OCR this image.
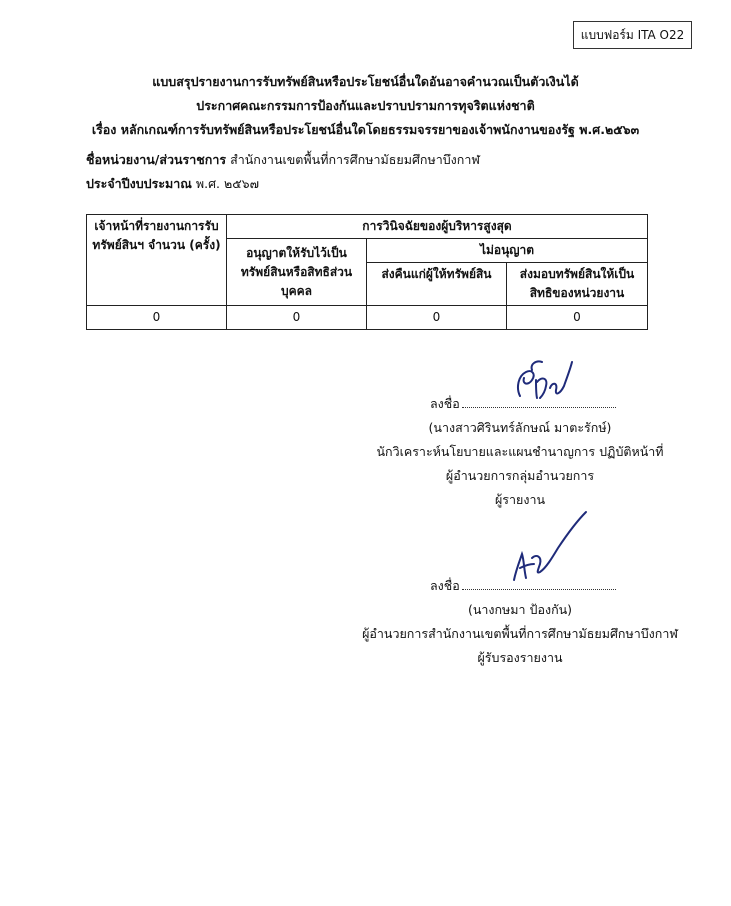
แบบฟอร์ม ITA O22
แบบสรุปรายงานการรับทรัพย์สินหรือประโยชน์อื่นใดอันอาจคำนวณเป็นตัวเงินได้
ประกาศคณะกรรมการป้องกันและปราบปรามการทุจริตแห่งชาติ
เรื่อง หลักเกณฑ์การรับทรัพย์สินหรือประโยชน์อื่นใดโดยธรรมจรรยาของเจ้าพนักงานของรัฐ พ.ศ.๒๕๖๓
ชื่อหน่วยงาน/ส่วนราชการ สำนักงานเขตพื้นที่การศึกษามัธยมศึกษาบึงกาฬ
ประจำปีงบประมาณ พ.ศ. ๒๕๖๗
เจ้าหน้าที่รายงานการรับทรัพย์สินฯ จำนวน (ครั้ง)	การวินิจฉัยของผู้บริหารสูงสุด		
	อนุญาตให้รับไว้เป็นทรัพย์สินหรือสิทธิส่วนบุคคล	ไม่อนุญาต	
		ส่งคืนแก่ผู้ให้ทรัพย์สิน	ส่งมอบทรัพย์สินให้เป็นสิทธิของหน่วยงาน
0	0	0	0
ลงชื่อ
(นางสาวศิรินทร์ลักษณ์ มาตะรักษ์)
นักวิเคราะห์นโยบายและแผนชำนาญการ ปฏิบัติหน้าที่
ผู้อำนวยการกลุ่มอำนวยการ
ผู้รายงาน
ลงชื่อ
(นางกษมา ป้องกัน)
ผู้อำนวยการสำนักงานเขตพื้นที่การศึกษามัธยมศึกษาบึงกาฬ
ผู้รับรองรายงาน
